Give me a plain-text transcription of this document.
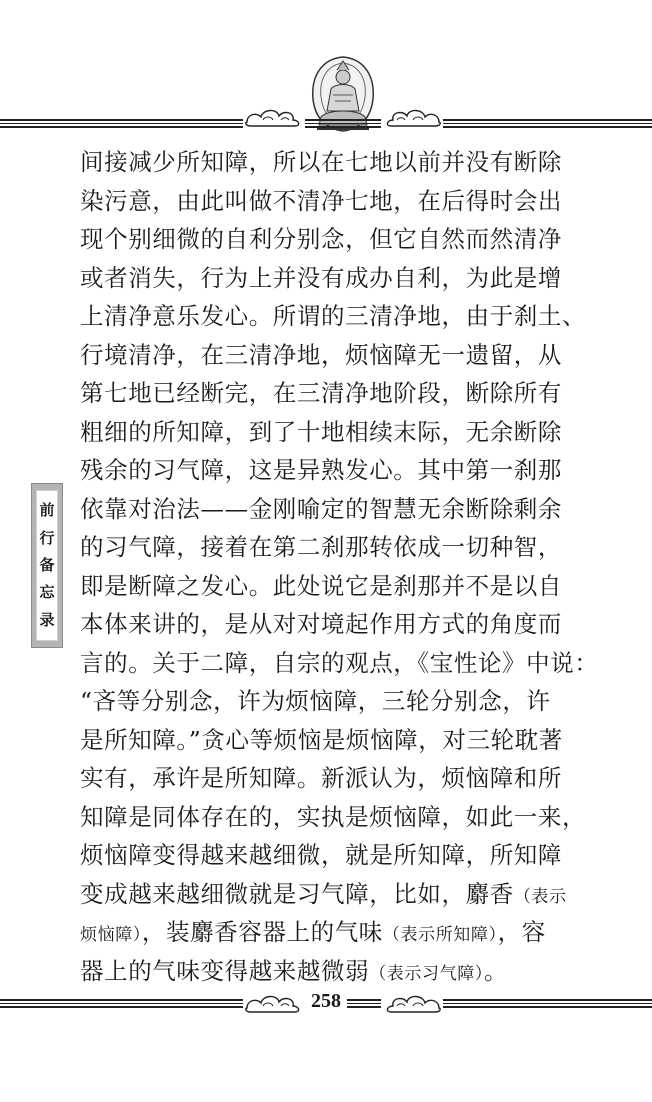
前
行
备
忘
录
间接减少所知障，所以在七地以前并没有断除
染污意，由此叫做不清净七地，在后得时会出
现个别细微的自利分别念，但它自然而然清净
或者消失，行为上并没有成办自利，为此是增
上清净意乐发心。所谓的三清净地，由于刹土、
行境清净，在三清净地，烦恼障无一遗留，从
第七地已经断完，在三清净地阶段，断除所有
粗细的所知障，到了十地相续末际，无余断除
残余的习气障，这是异熟发心。其中第一刹那
依靠对治法——金刚喻定的智慧无余断除剩余
的习气障，接着在第二刹那转依成一切种智，
即是断障之发心。此处说它是刹那并不是以自
本体来讲的，是从对对境起作用方式的角度而
言的。关于二障，自宗的观点，《宝性论》中说：
“吝等分别念，许为烦恼障，三轮分别念，许
是所知障。”贪心等烦恼是烦恼障，对三轮耽著
实有，承许是所知障。新派认为，烦恼障和所
知障是同体存在的，实执是烦恼障，如此一来，
烦恼障变得越来越细微，就是所知障，所知障
变成越来越细微就是习气障，比如，麝香（表示
烦恼障），装麝香容器上的气味（表示所知障），容
器上的气味变得越来越微弱（表示习气障）。
258
